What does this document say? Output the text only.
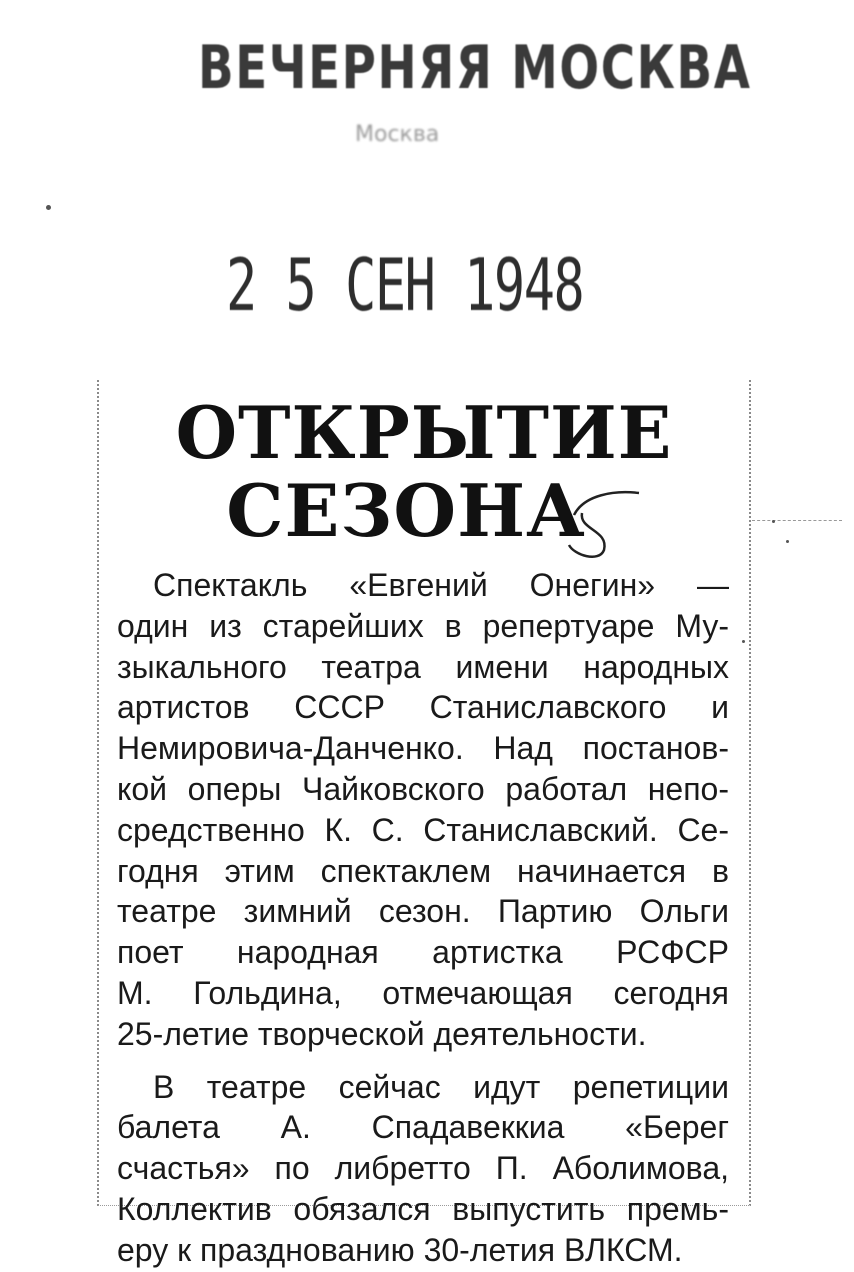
ВЕЧЕРНЯЯ МОСКВА
Москва
2 5 СЕН 1948
ОТКРЫТИЕ
СЕЗОНА
Спектакль «Евгений Онегин» —
один из старейших в репертуаре Му-
зыкального театра имени народных
артистов СССР Станиславского и
Немировича-Данченко. Над постанов-
кой оперы Чайковского работал непо-
средственно К. С. Станиславский. Се-
годня этим спектаклем начинается в
театре зимний сезон. Партию Ольги
поет народная артистка РСФСР
М. Гольдина, отмечающая сегодня
25-летие творческой деятельности.
В театре сейчас идут репетиции
балета А. Спадавеккиа «Берег
счастья» по либретто П. Аболимова,
Коллектив обязался выпустить премь-
еру к празднованию 30-летия ВЛКСМ.
